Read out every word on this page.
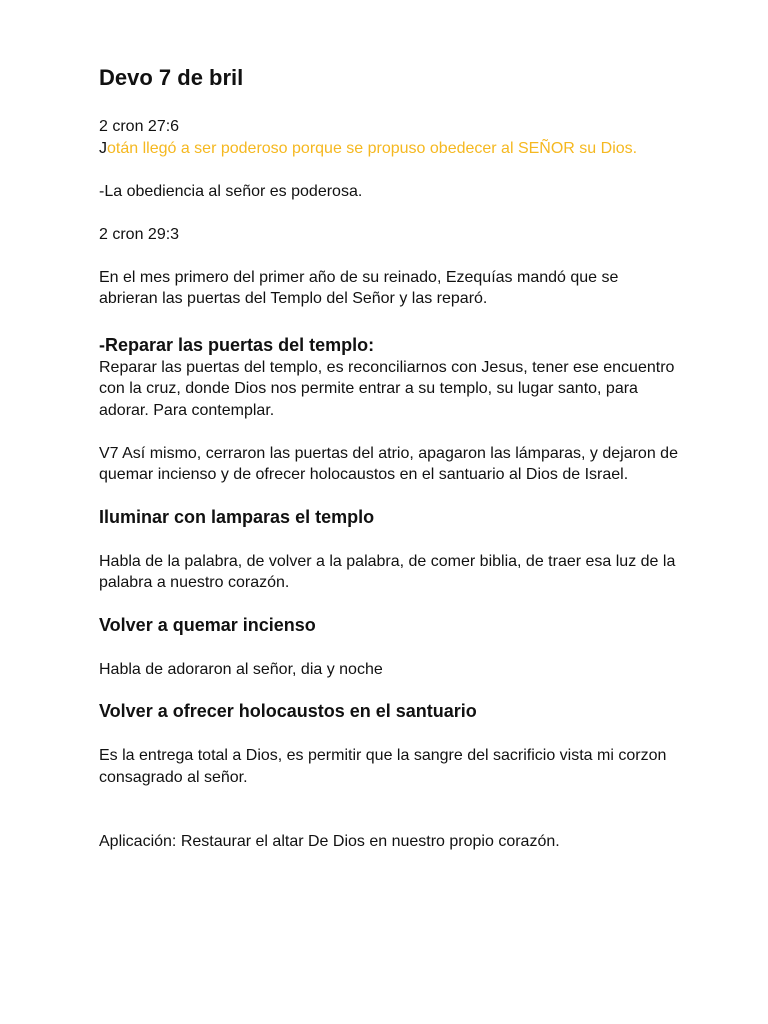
Devo 7 de bril

2 cron 27:6

Jotán llegó a ser poderoso porque se propuso obedecer al SEÑOR su Dios.

-La obediencia al señor es poderosa.

2 cron 29:3

En el mes primero del primer año de su reinado, Ezequías mandó que se abrieran las puertas del Templo del Señor y las reparó.

-Reparar las puertas del templo:

Reparar las puertas del templo, es reconciliarnos con Jesus, tener ese encuentro con la cruz, donde Dios nos permite entrar a su templo, su lugar santo, para adorar. Para contemplar.

V7 Así mismo, cerraron las puertas del atrio, apagaron las lámparas, y dejaron de quemar incienso y de ofrecer holocaustos en el santuario al Dios de Israel.

Iluminar con lamparas el templo

Habla de la palabra, de volver a la palabra, de comer biblia, de traer esa luz de la palabra a nuestro corazón.

Volver a quemar incienso

Habla de adoraron al señor, dia y noche

Volver a ofrecer holocaustos en el santuario

Es la entrega total a Dios, es permitir que la sangre del sacrificio vista mi corzon consagrado al señor.

Aplicación: Restaurar el altar De Dios en nuestro propio corazón.
